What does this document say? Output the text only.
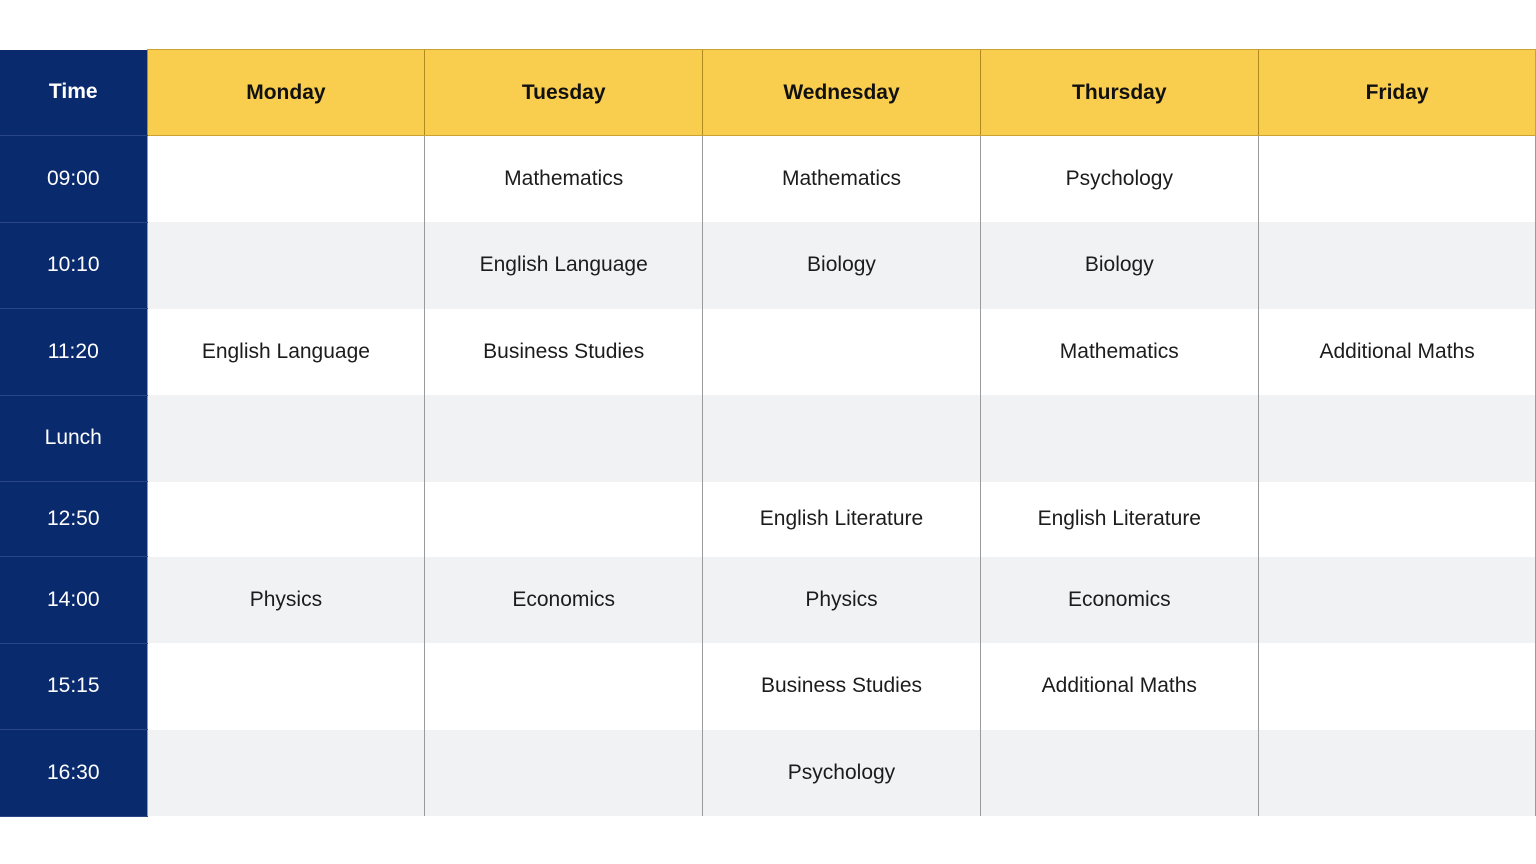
Time	Monday	Tuesday	Wednesday	Thursday	Friday
09:00		Mathematics	Mathematics	Psychology	
10:10		English Language	Biology	Biology	
11:20	English Language	Business Studies		Mathematics	Additional Maths
Lunch					
12:50			English Literature	English Literature	
14:00	Physics	Economics	Physics	Economics	
15:15			Business Studies	Additional Maths	
16:30			Psychology		
